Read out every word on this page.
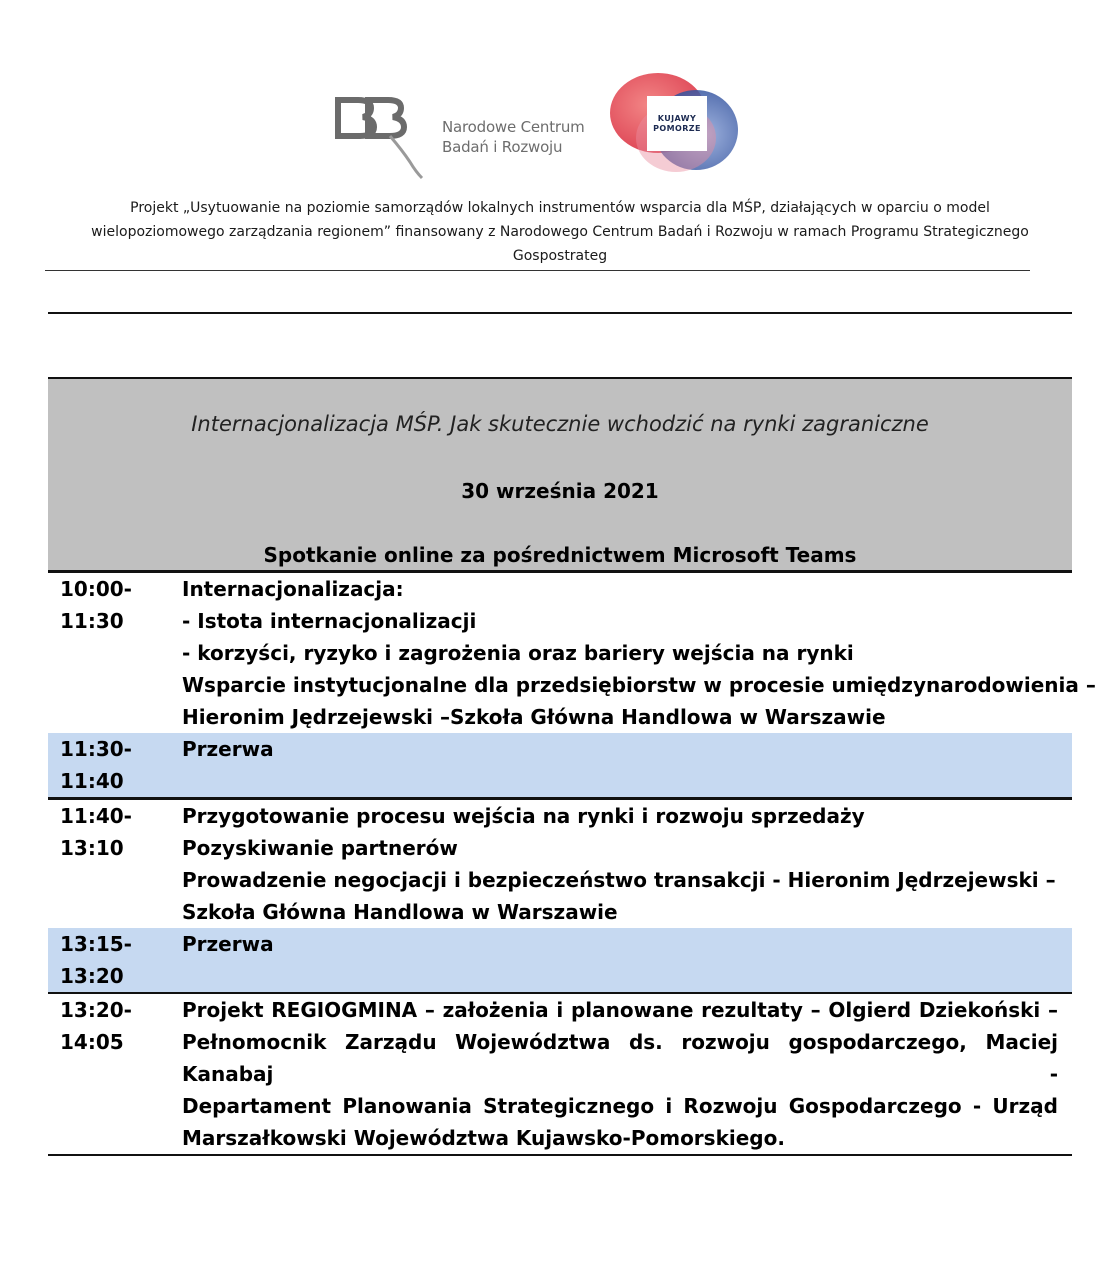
Narodowe Centrum
Badań i Rozwoju
KUJAWY
POMORZE
Projekt „Usytuowanie na poziomie samorządów lokalnych instrumentów wsparcia dla MŚP, działających w oparciu o model
wielopoziomowego zarządzania regionem” finansowany z Narodowego Centrum Badań i Rozwoju w ramach Programu Strategicznego
Gospostrateg
Internacjonalizacja MŚP. Jak skutecznie wchodzić na rynki zagraniczne
30 września 2021
Spotkanie online za pośrednictwem Microsoft Teams
10:00-
11:30
Internacjonalizacja:
- Istota internacjonalizacji
- korzyści, ryzyko i zagrożenia oraz bariery wejścia na rynki
Wsparcie instytucjonalne dla przedsiębiorstw w procesie umiędzynarodowienia –
Hieronim Jędrzejewski –Szkoła Główna Handlowa w Warszawie
11:30-
11:40
Przerwa
11:40-
13:10
Przygotowanie procesu wejścia na rynki i rozwoju sprzedaży
Pozyskiwanie partnerów
Prowadzenie negocjacji i bezpieczeństwo transakcji - Hieronim Jędrzejewski –
Szkoła Główna Handlowa w Warszawie
13:15-
13:20
Przerwa
13:20-
14:05
Projekt REGIOGMINA – założenia i planowane rezultaty – Olgierd Dziekoński –
Pełnomocnik Zarządu Województwa ds. rozwoju gospodarczego, Maciej Kanabaj -
Departament Planowania Strategicznego i Rozwoju Gospodarczego - Urząd
Marszałkowski Województwa Kujawsko-Pomorskiego.
